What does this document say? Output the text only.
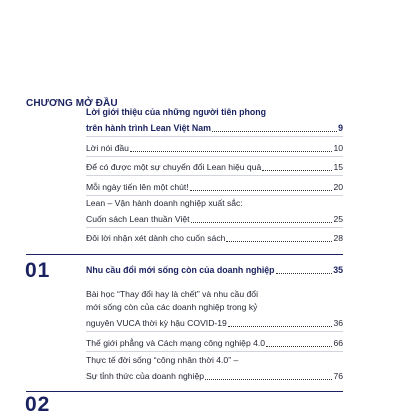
CHƯƠNG MỞ ĐẦU
Lời giới thiệu của những người tiên phong
trên hành trình Lean Việt Nam	9
Lời nói đầu	10
Để có được một sự chuyển đổi Lean hiệu quả	15
Mỗi ngày tiến lên một chút!	20
Lean – Vận hành doanh nghiệp xuất sắc:
Cuốn sách Lean thuần Việt	25
Đôi lời nhận xét dành cho cuốn sách	28
01	Nhu cầu đổi mới sống còn của doanh nghiệp	35
Bài học “Thay đổi hay là chết” và nhu cầu đổi
mới sống còn của các doanh nghiệp trong kỷ
nguyên VUCA thời kỳ hậu COVID-19	36
Thế giới phẳng và Cách mạng công nghiệp 4.0	66
Thực tế đời sống “công nhân thời 4.0” –
Sự tỉnh thức của doanh nghiệp	76
02
